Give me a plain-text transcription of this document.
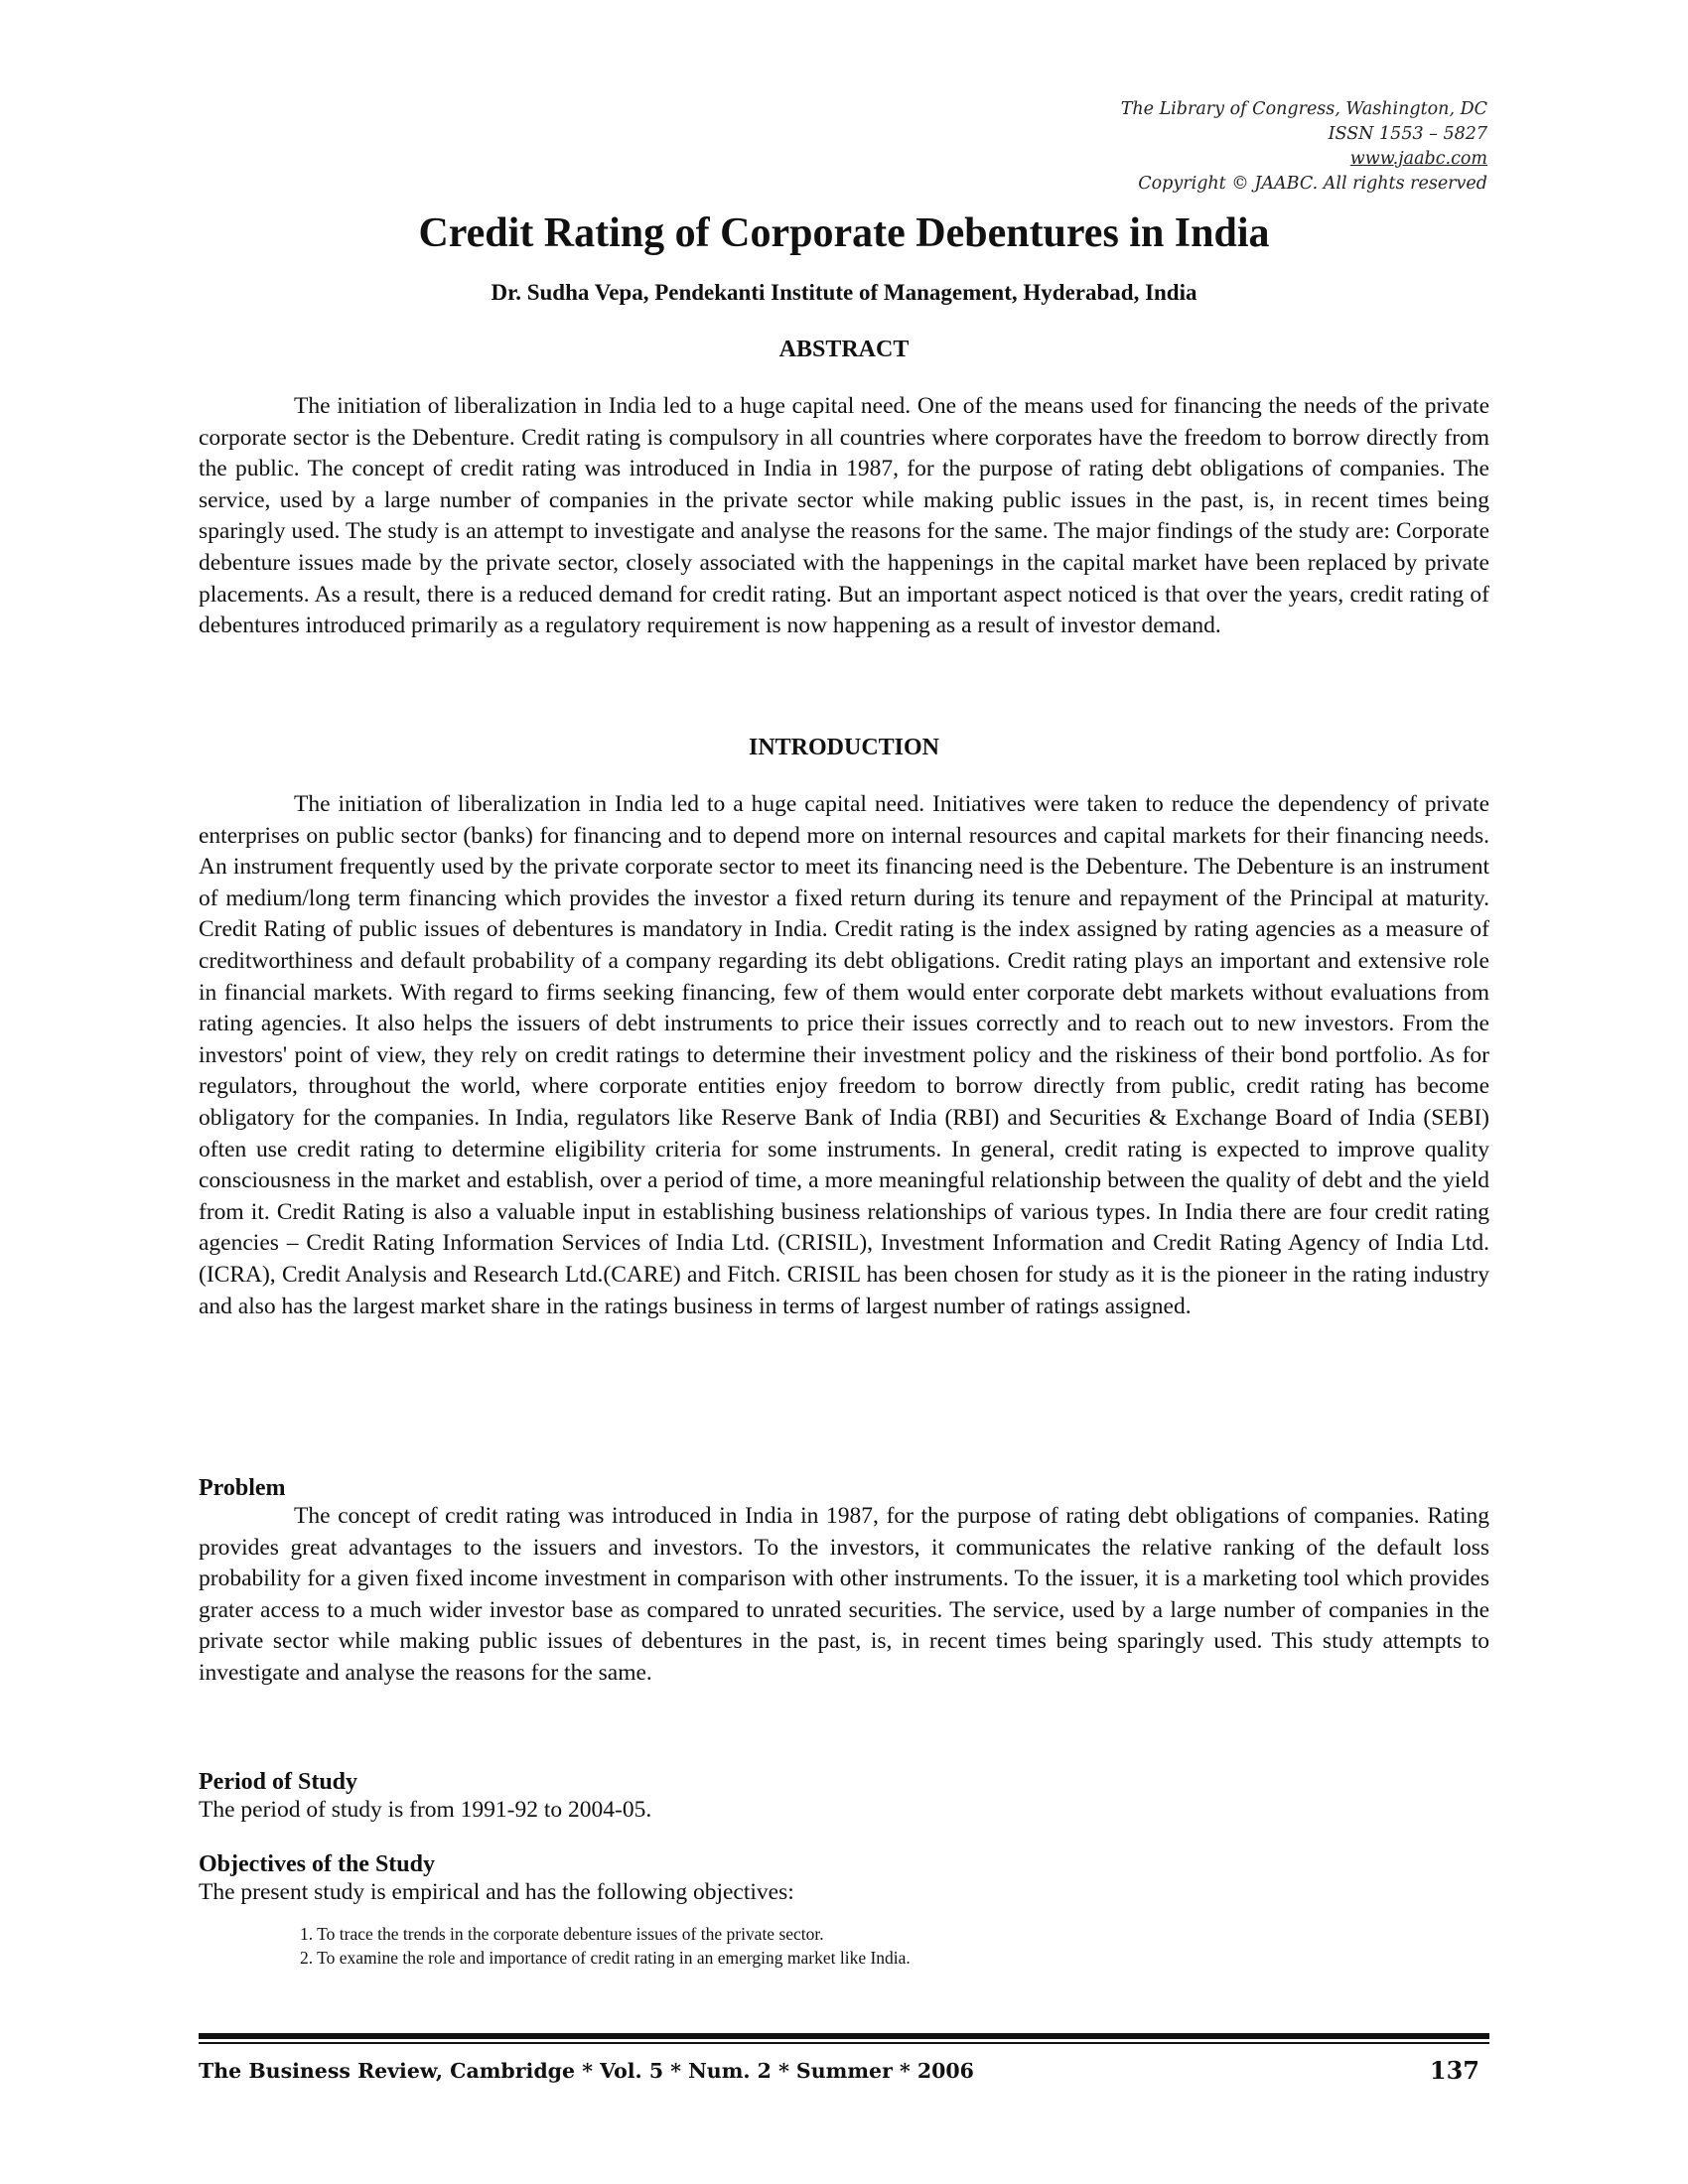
The Library of Congress, Washington, DC
ISSN 1553 – 5827
www.jaabc.com
Copyright © JAABC. All rights reserved
Credit Rating of Corporate Debentures in India
Dr. Sudha Vepa, Pendekanti Institute of Management, Hyderabad, India
ABSTRACT

The initiation of liberalization in India led to a huge capital need. One of the means used for financing the needs of the private corporate sector is the Debenture. Credit rating is compulsory in all countries where corporates have the freedom to borrow directly from the public. The concept of credit rating was introduced in India in 1987, for the purpose of rating debt obligations of companies. The service, used by a large number of companies in the private sector while making public issues in the past, is, in recent times being sparingly used. The study is an attempt to investigate and analyse the reasons for the same. The major findings of the study are: Corporate debenture issues made by the private sector, closely associated with the happenings in the capital market have been replaced by private placements. As a result, there is a reduced demand for credit rating. But an important aspect noticed is that over the years, credit rating of debentures introduced primarily as a regulatory requirement is now happening as a result of investor demand.

INTRODUCTION

The initiation of liberalization in India led to a huge capital need. Initiatives were taken to reduce the dependency of private enterprises on public sector (banks) for financing and to depend more on internal resources and capital markets for their financing needs. An instrument frequently used by the private corporate sector to meet its financing need is the Debenture. The Debenture is an instrument of medium/long term financing which provides the investor a fixed return during its tenure and repayment of the Principal at maturity. Credit Rating of public issues of debentures is mandatory in India. Credit rating is the index assigned by rating agencies as a measure of creditworthiness and default probability of a company regarding its debt obligations. Credit rating plays an important and extensive role in financial markets. With regard to firms seeking financing, few of them would enter corporate debt markets without evaluations from rating agencies. It also helps the issuers of debt instruments to price their issues correctly and to reach out to new investors. From the investors' point of view, they rely on credit ratings to determine their investment policy and the riskiness of their bond portfolio. As for regulators, throughout the world, where corporate entities enjoy freedom to borrow directly from public, credit rating has become obligatory for the companies. In India, regulators like Reserve Bank of India (RBI) and Securities & Exchange Board of India (SEBI) often use credit rating to determine eligibility criteria for some instruments. In general, credit rating is expected to improve quality consciousness in the market and establish, over a period of time, a more meaningful relationship between the quality of debt and the yield from it. Credit Rating is also a valuable input in establishing business relationships of various types. In India there are four credit rating agencies – Credit Rating Information Services of India Ltd. (CRISIL), Investment Information and Credit Rating Agency of India Ltd. (ICRA), Credit Analysis and Research Ltd.(CARE) and Fitch. CRISIL has been chosen for study as it is the pioneer in the rating industry and also has the largest market share in the ratings business in terms of largest number of ratings assigned.

Problem

The concept of credit rating was introduced in India in 1987, for the purpose of rating debt obligations of companies. Rating provides great advantages to the issuers and investors. To the investors, it communicates the relative ranking of the default loss probability for a given fixed income investment in comparison with other instruments. To the issuer, it is a marketing tool which provides grater access to a much wider investor base as compared to unrated securities. The service, used by a large number of companies in the private sector while making public issues of debentures in the past, is, in recent times being sparingly used. This study attempts to investigate and analyse the reasons for the same.

Period of Study

The period of study is from 1991-92 to 2004-05.

Objectives of the Study

The present study is empirical and has the following objectives:

1. To trace the trends in the corporate debenture issues of the private sector.
2. To examine the role and importance of credit rating in an emerging market like India.
The Business Review, Cambridge * Vol. 5 * Num. 2 * Summer * 2006	137
